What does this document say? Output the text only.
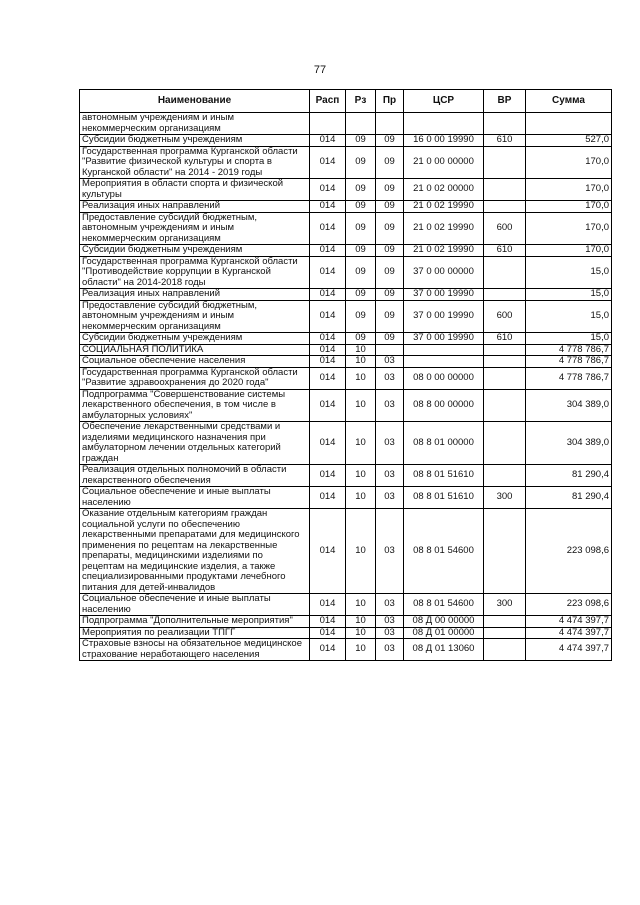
77
Наименование	Расп	Рз	Пр	ЦСР	ВР	Сумма
автономным учреждениям и иным некоммерческим организациям						
Субсидии бюджетным учреждениям	014	09	09	16 0 00 19990	610	527,0
Государственная программа Курганской области "Развитие физической культуры и спорта в Курганской области" на 2014 - 2019 годы	014	09	09	21 0 00 00000		170,0
Мероприятия в области спорта и физической культуры	014	09	09	21 0 02 00000		170,0
Реализация иных направлений	014	09	09	21 0 02 19990		170,0
Предоставление субсидий бюджетным, автономным учреждениям и иным некоммерческим организациям	014	09	09	21 0 02 19990	600	170,0
Субсидии бюджетным учреждениям	014	09	09	21 0 02 19990	610	170,0
Государственная программа Курганской области "Противодействие коррупции в Курганской области" на 2014-2018 годы	014	09	09	37 0 00 00000		15,0
Реализация иных направлений	014	09	09	37 0 00 19990		15,0
Предоставление субсидий бюджетным, автономным учреждениям и иным некоммерческим организациям	014	09	09	37 0 00 19990	600	15,0
Субсидии бюджетным учреждениям	014	09	09	37 0 00 19990	610	15,0
СОЦИАЛЬНАЯ ПОЛИТИКА	014	10				4 778 786,7
Социальное обеспечение населения	014	10	03			4 778 786,7
Государственная программа Курганской области "Развитие здравоохранения до 2020 года"	014	10	03	08 0 00 00000		4 778 786,7
Подпрограмма "Совершенствование системы лекарственного обеспечения, в том числе в амбулаторных условиях"	014	10	03	08 8 00 00000		304 389,0
Обеспечение лекарственными средствами и изделиями медицинского назначения при амбулаторном лечении отдельных категорий граждан	014	10	03	08 8 01 00000		304 389,0
Реализация отдельных полномочий в области лекарственного обеспечения	014	10	03	08 8 01 51610		81 290,4
Социальное обеспечение и иные выплаты населению	014	10	03	08 8 01 51610	300	81 290,4
Оказание отдельным категориям граждан социальной услуги по обеспечению лекарственными препаратами для медицинского применения по рецептам на лекарственные препараты, медицинскими изделиями по рецептам на медицинские изделия, а также специализированными продуктами лечебного питания для детей-инвалидов	014	10	03	08 8 01 54600		223 098,6
Социальное обеспечение и иные выплаты населению	014	10	03	08 8 01 54600	300	223 098,6
Подпрограмма "Дополнительные мероприятия"	014	10	03	08 Д 00 00000		4 474 397,7
Мероприятия по реализации ТПГГ	014	10	03	08 Д 01 00000		4 474 397,7
Страховые взносы на обязательное медицинское страхование неработающего населения	014	10	03	08 Д 01 13060		4 474 397,7
